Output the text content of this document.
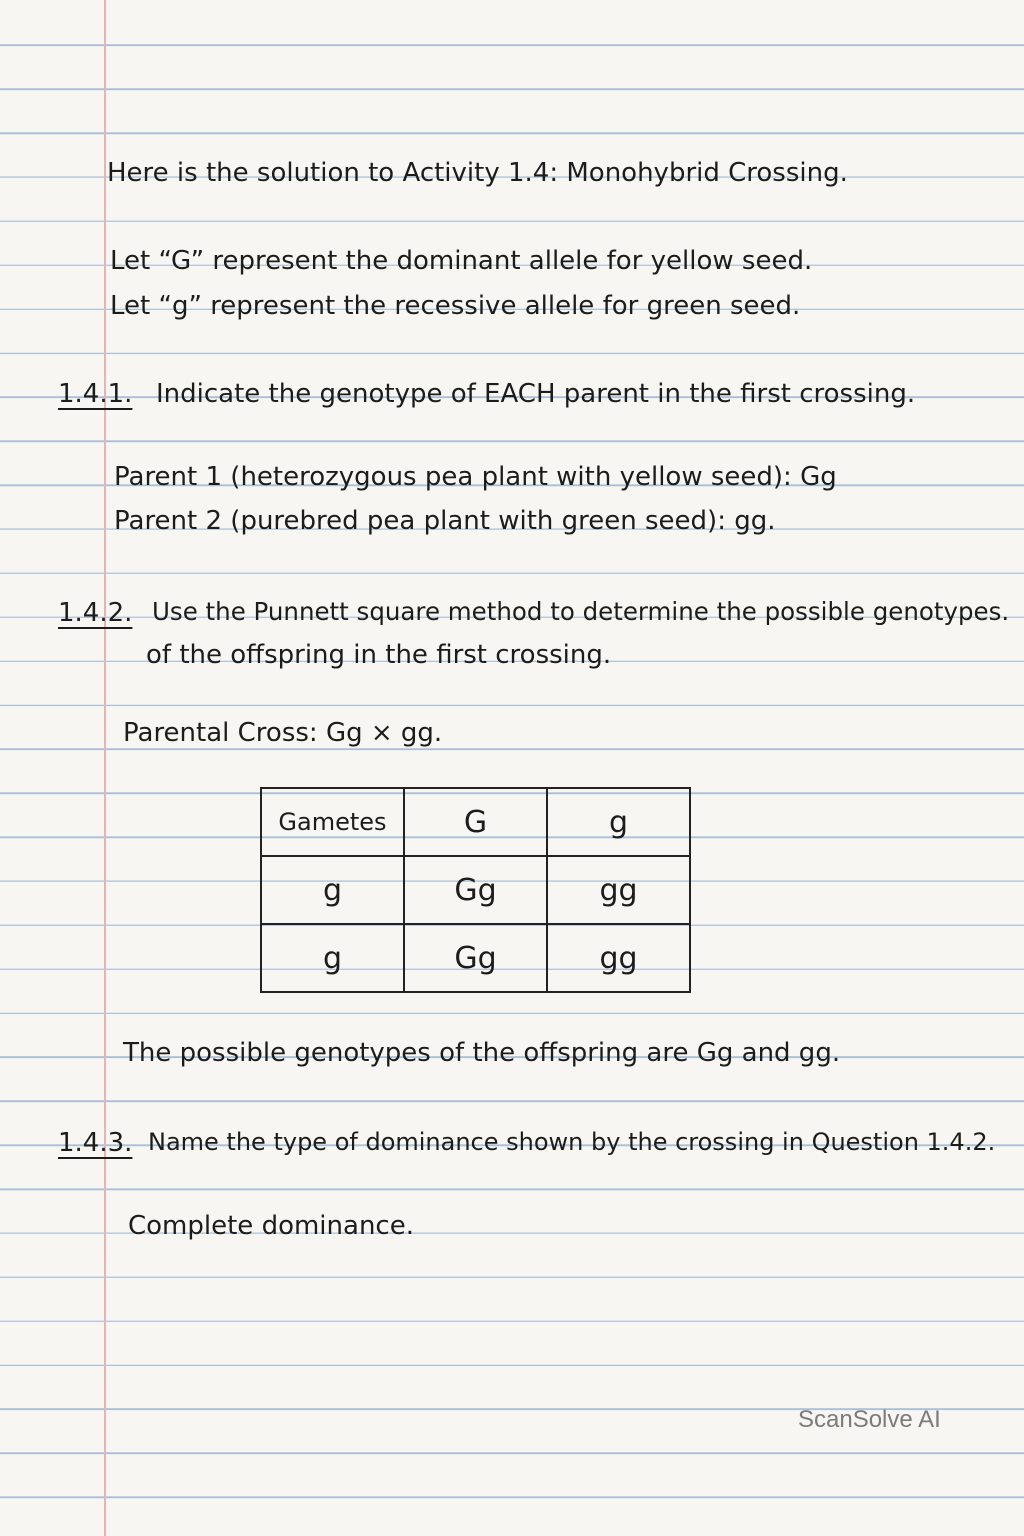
Here is the solution to Activity 1.4: Monohybrid Crossing.
Let “G” represent the dominant allele for yellow seed.
Let “g” represent the recessive allele for green seed.
1.4.1. Indicate the genotype of EACH parent in the first crossing.
Parent 1 (heterozygous pea plant with yellow seed): Gg
Parent 2 (purebred pea plant with green seed): gg.
1.4.2. Use the Punnett square method to determine the possible genotypes.
of the offspring in the first crossing.
Parental Cross: Gg × gg.
Gametes	G	g
g	Gg	gg
g	Gg	gg
The possible genotypes of the offspring are Gg and gg.
1.4.3. Name the type of dominance shown by the crossing in Question 1.4.2.
Complete dominance.
ScanSolve AI
